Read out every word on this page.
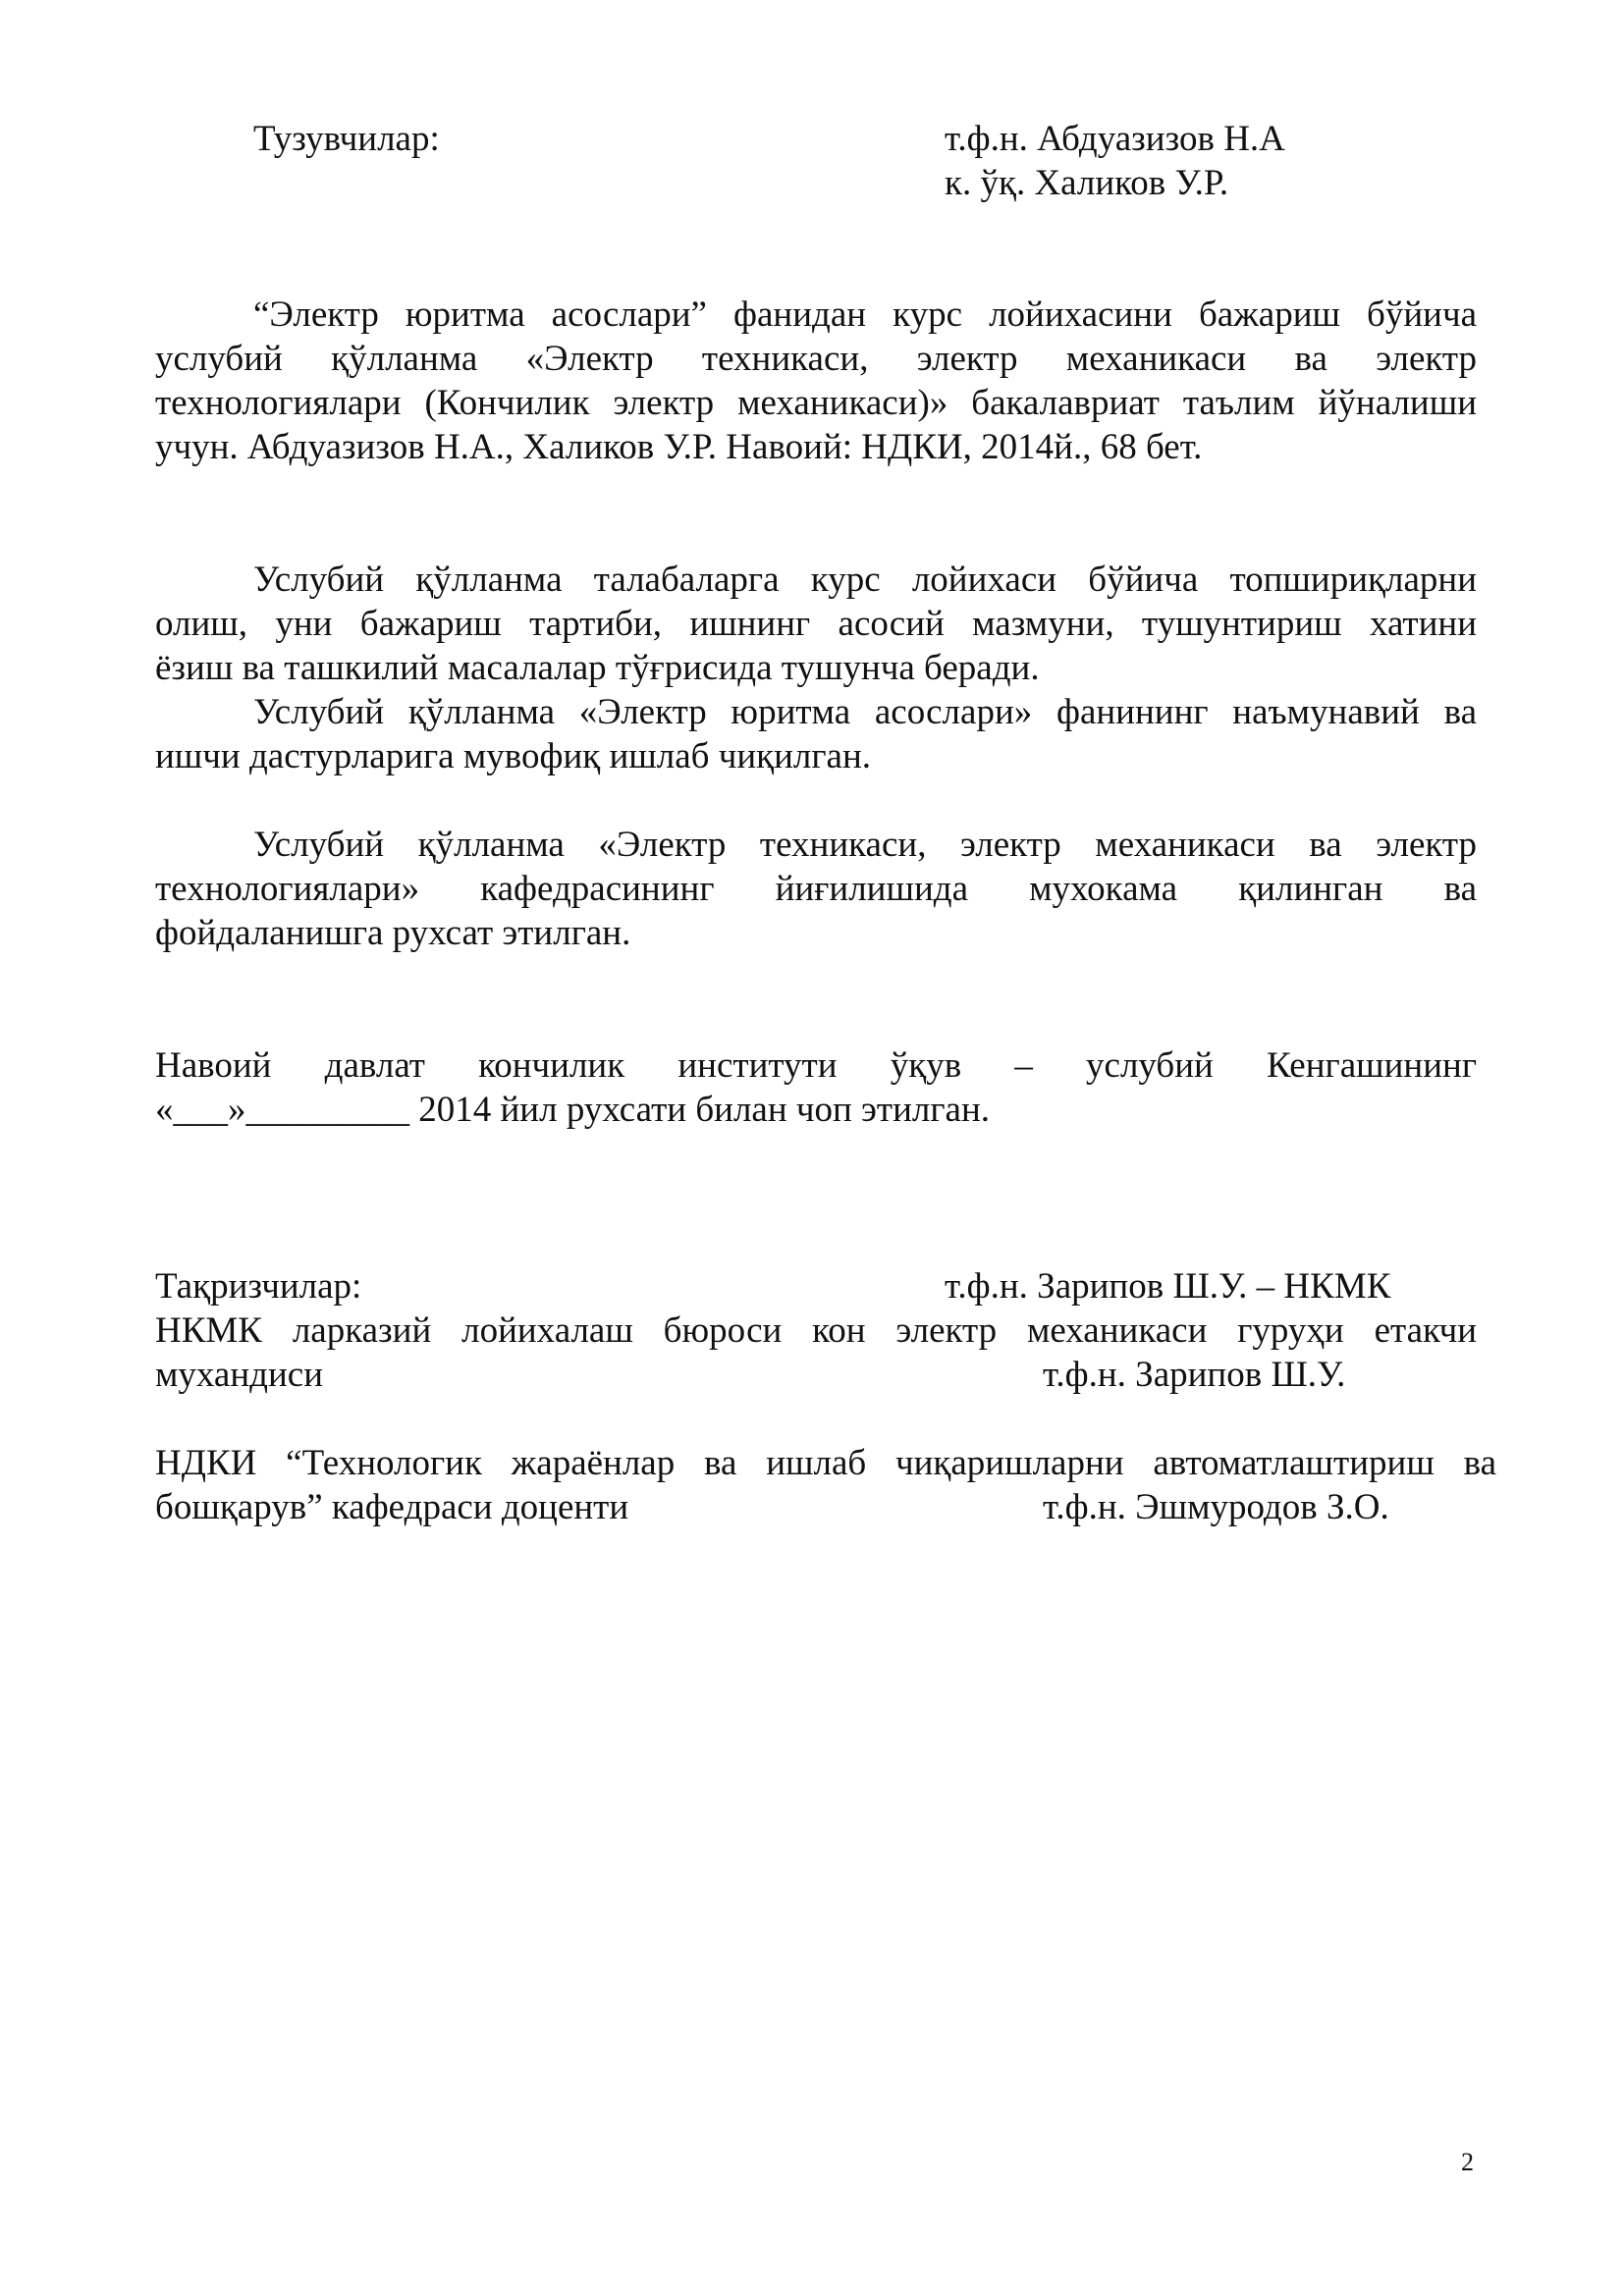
Тузувчилар:	т.ф.н. Абдуазизов Н.А
к. ўқ. Халиков У.Р.
“Электр юритма асослари” фанидан курс лойихасини бажариш бўйича
услубий қўлланма «Электр техникаси, электр механикаси ва электр
технологиялари (Кончилик электр механикаси)» бакалавриат таълим йўналиши
учун. Абдуазизов Н.А., Халиков У.Р. Навоий: НДКИ, 2014й., 68 бет.
Услубий қўлланма талабаларга курс лойихаси бўйича топшириқларни
олиш, уни бажариш тартиби, ишнинг асосий мазмуни, тушунтириш хатини
ёзиш ва ташкилий масалалар тўғрисида тушунча беради.
Услубий қўлланма «Электр юритма асослари» фанининг наъмунавий ва
ишчи дастурларига мувофиқ ишлаб чиқилган.
Услубий қўлланма «Электр техникаси, электр механикаси ва электр
технологиялари» кафедрасининг йиғилишида мухокама қилинган ва
фойдаланишга рухсат этилган.
Навоий давлат кончилик институти ўқув – услубий Кенгашининг
«___»_________ 2014 йил рухсати билан чоп этилган.
Тақризчилар:	т.ф.н. Зарипов Ш.У. – НКМК
НКМК ларказий лойихалаш бюроси кон электр механикаси гуруҳи етакчи
мухандиси	т.ф.н. Зарипов Ш.У.
НДКИ “Технологик жараёнлар ва ишлаб чиқаришларни автоматлаштириш ва
бошқарув” кафедраси доценти	т.ф.н. Эшмуродов З.О.
2
